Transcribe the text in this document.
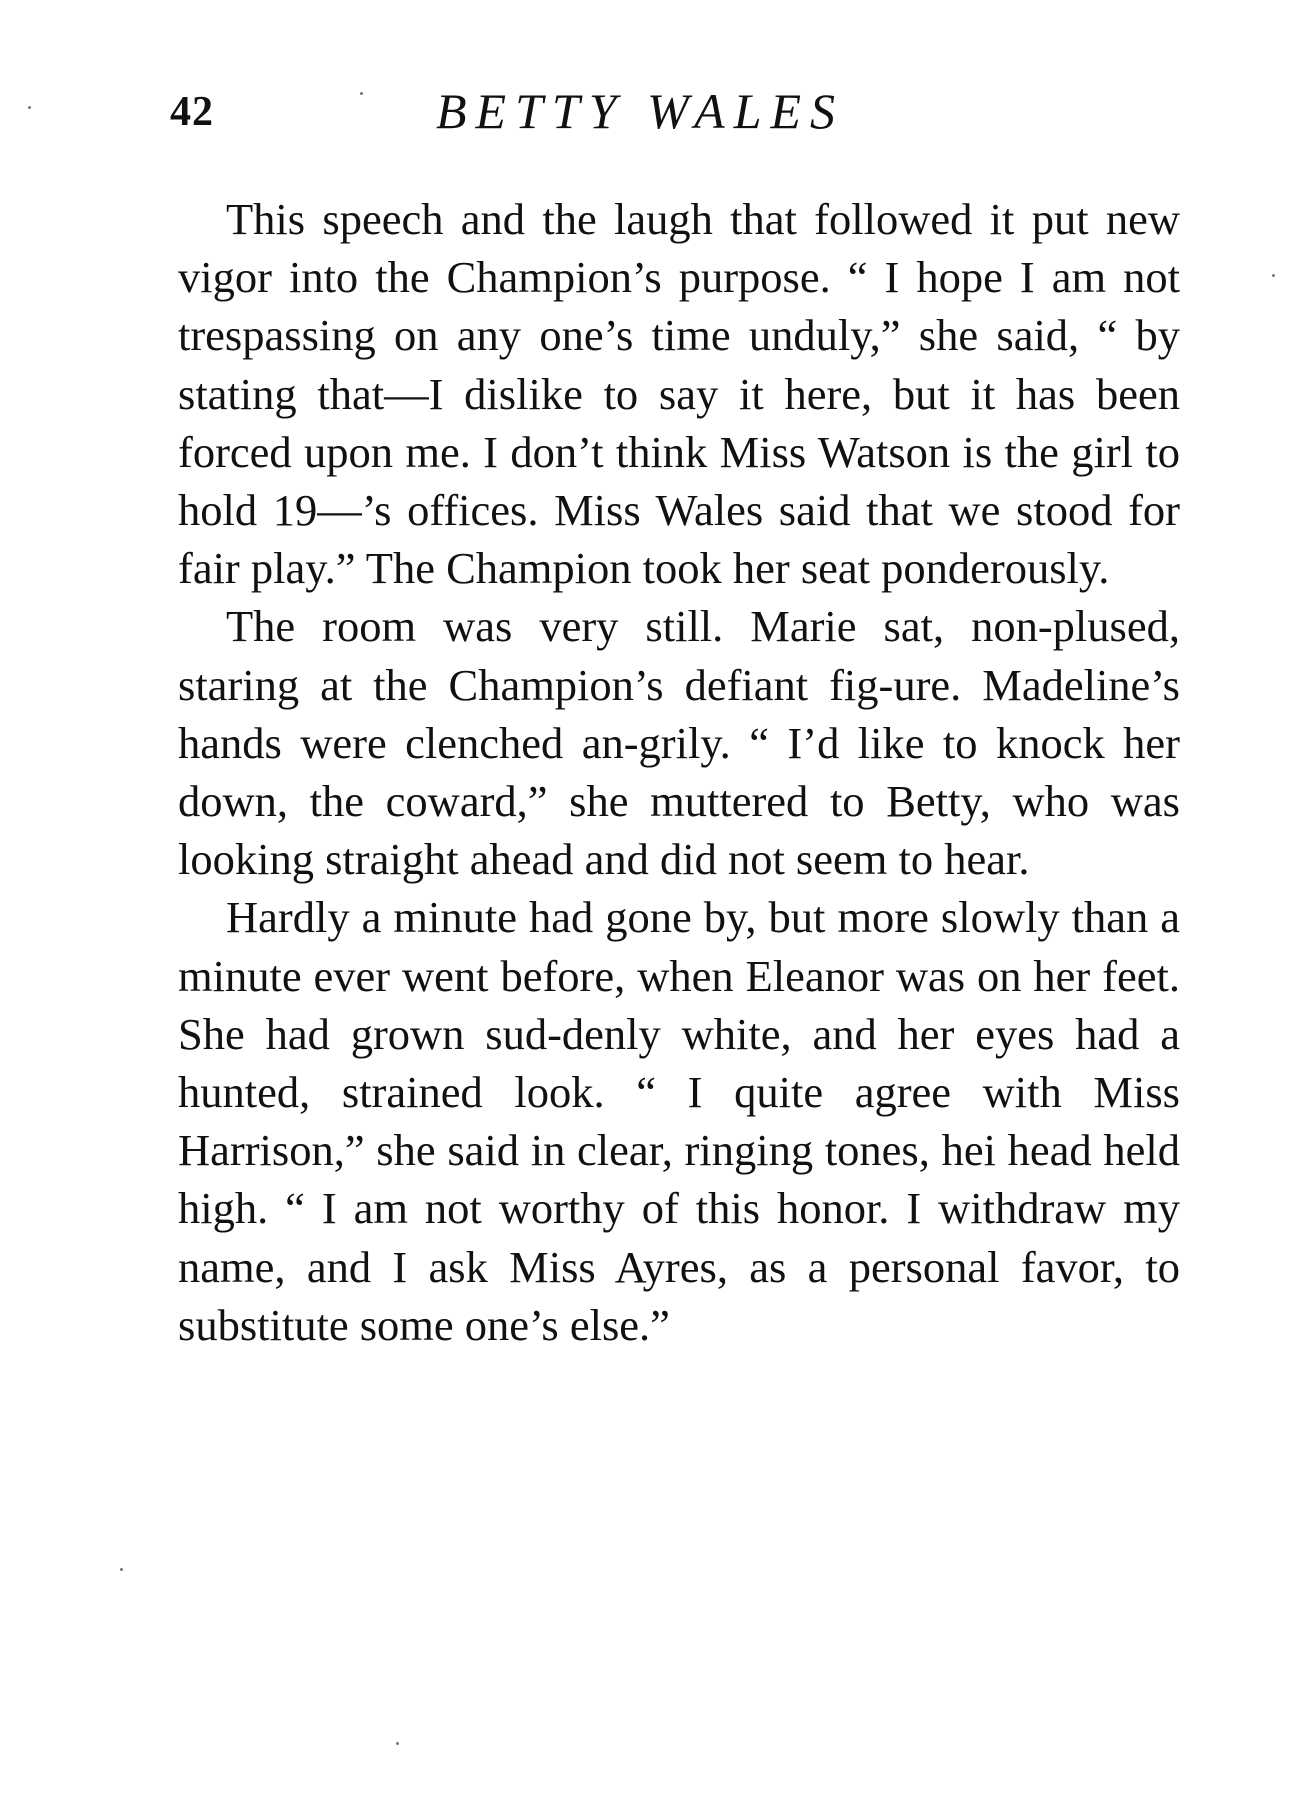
42	BETTY WALES

This speech and the laugh that followed it put new vigor into the Champion’s purpose. “ I hope I am not trespassing on any one’s time unduly,” she said, “ by stating that—I dislike to say it here, but it has been forced upon me. I don’t think Miss Watson is the girl to hold 19—’s offices. Miss Wales said that we stood for fair play.” The Champion took her seat ponderously.

The room was very still. Marie sat, non-plused, staring at the Champion’s defiant fig-ure. Madeline’s hands were clenched an-grily. “ I’d like to knock her down, the coward,” she muttered to Betty, who was looking straight ahead and did not seem to hear.

Hardly a minute had gone by, but more slowly than a minute ever went before, when Eleanor was on her feet. She had grown sud-denly white, and her eyes had a hunted, strained look. “ I quite agree with Miss Harrison,” she said in clear, ringing tones, hei head held high. “ I am not worthy of this honor. I withdraw my name, and I ask Miss Ayres, as a personal favor, to substitute some one’s else.”
